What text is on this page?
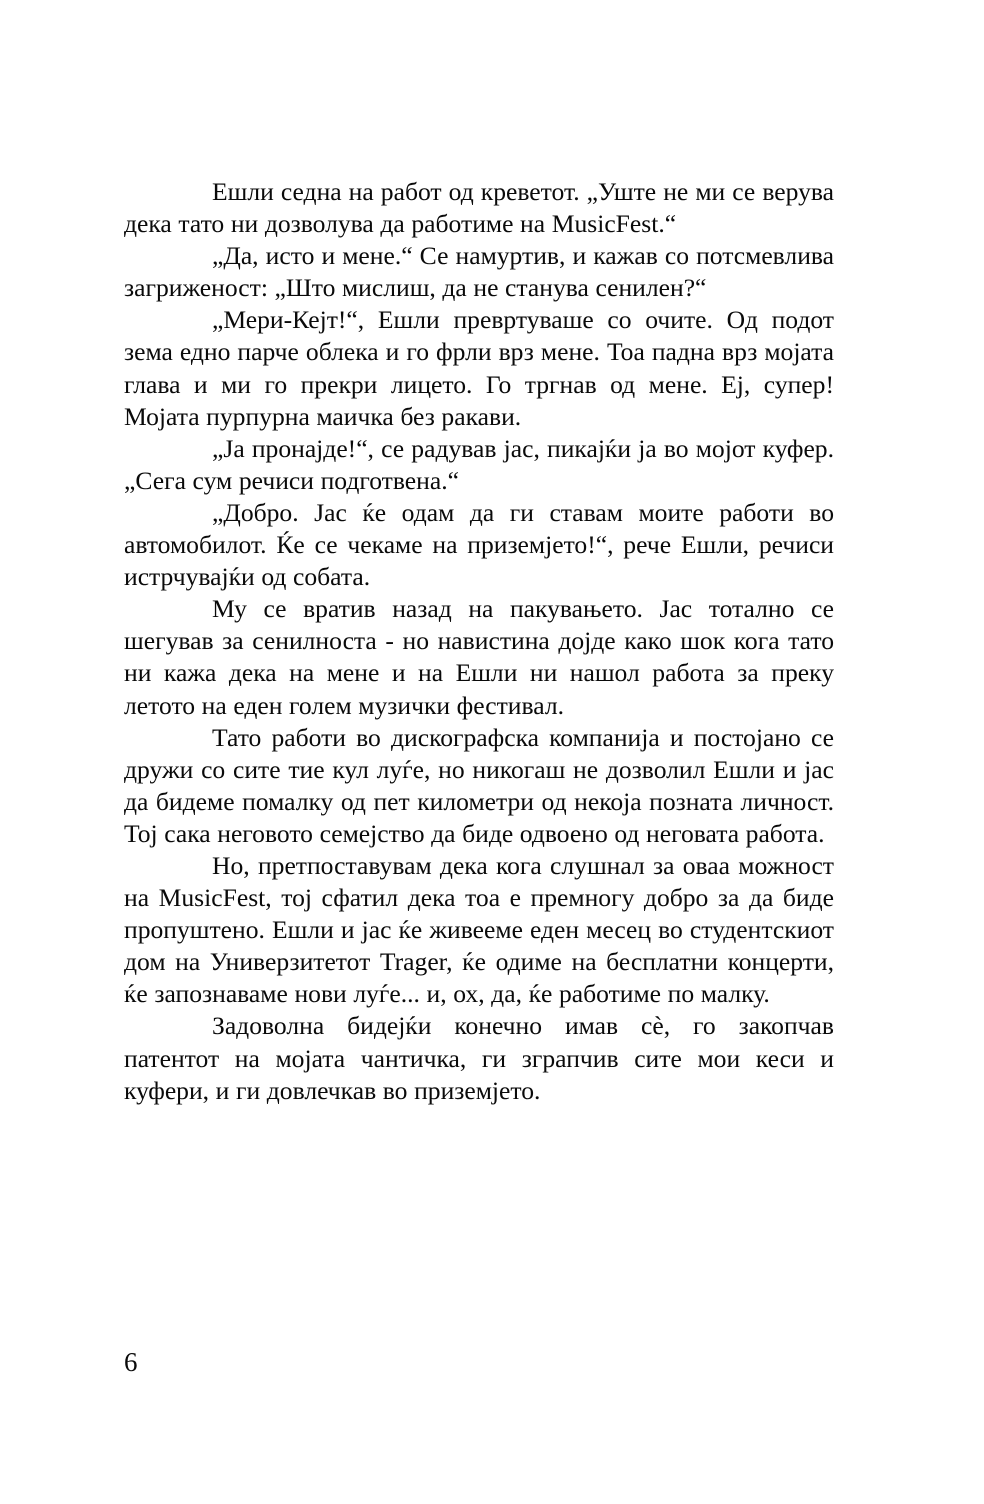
Ешли седна на работ од креветот. „Уште не ми се верува дека тато ни дозволува да работиме на MusicFest.“

„Да, исто и мене.“ Се намуртив, и кажав со потсмевлива загриженост: „Што мислиш, да не станува сенилен?“

„Мери-Кејт!“, Ешли превртуваше со очите. Од подот зема едно парче облека и го фрли врз мене. Тоа падна врз мојата глава и ми го прекри лицето. Го тргнав од мене. Ej, супер! Мојата пурпурна маичка без ракави.

„Ја пронајде!“, се радував јас, пикајќи ја во мојот куфер. „Сега сум речиси подготвена.“

„Добро. Јас ќе одам да ги ставам моите работи во автомобилот. Ќе се чекаме на приземјето!“, рече Ешли, речиси истрчувајќи од собата.

Му се вратив назад на пакувањето. Јас тотално се шегував за сенилноста - но навистина дојде како шок кога тато ни кажа дека на мене и на Ешли ни нашол работа за преку летото на еден голем музички фестивал.

Тато работи во дискографска компанија и постојано се дружи со сите тие кул луѓе, но никогаш не дозволил Ешли и јас да бидеме помалку од пет километри од некоја позната личност. Тој сака неговото семејство да биде одвоено од неговата работа.

Но, претпоставувам дека кога слушнал за оваа можност на MusicFest, тој сфатил дека тоа е премногу добро за да биде пропуштено. Ешли и јас ќе живееме еден месец во студентскиот дом на Универзитетот Trager, ќе одиме на бесплатни концерти, ќе запознаваме нови луѓе... и, ох, да, ќе работиме по малку.

Задоволна бидејќи конечно имав сè, го закопчав патентот на мојата чантичка, ги зграпчив сите мои кеси и куфери, и ги довлечкав во приземјето.

6
